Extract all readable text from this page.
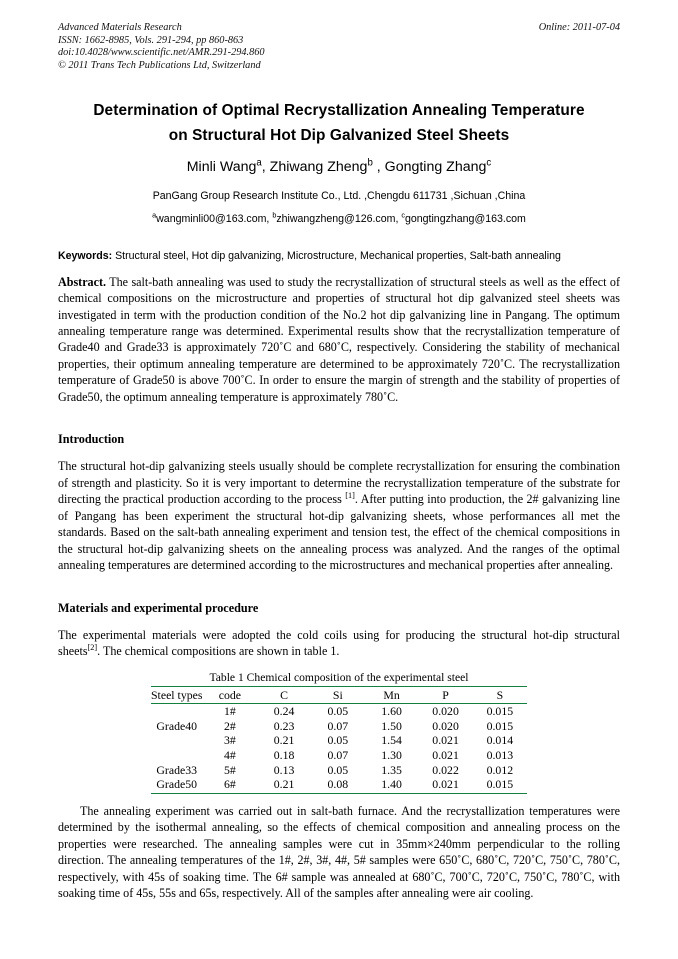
Advanced Materials Research
ISSN: 1662-8985, Vols. 291-294, pp 860-863
doi:10.4028/www.scientific.net/AMR.291-294.860
© 2011 Trans Tech Publications Ltd, Switzerland
Online: 2011-07-04
Determination of Optimal Recrystallization Annealing Temperature
on Structural Hot Dip Galvanized Steel Sheets
Minli Wang$^a$, Zhiwang Zheng$^b$ , Gongting Zhang$^c$
PanGang Group Research Institute Co., Ltd. ,Chengdu 611731 ,Sichuan ,China
$^a$wangminli00@163.com, $^b$zhiwangzheng@126.com, $^c$gongtingzhang@163.com
Keywords: Structural steel, Hot dip galvanizing, Microstructure, Mechanical properties, Salt-bath annealing
Abstract. The salt-bath annealing was used to study the recrystallization of structural steels as well as the effect of chemical compositions on the microstructure and properties of structural hot dip galvanized steel sheets was investigated in term with the production condition of the No.2 hot dip galvanizing line in Pangang. The optimum annealing temperature range was determined. Experimental results show that the recrystallization temperature of Grade40 and Grade33 is approximately 720˚C and 680˚C, respectively. Considering the stability of mechanical properties, their optimum annealing temperature are determined to be approximately 720˚C. The recrystallization temperature of Grade50 is above 700˚C. In order to ensure the margin of strength and the stability of properties of Grade50, the optimum annealing temperature is approximately 780˚C.
Introduction
The structural hot-dip galvanizing steels usually should be complete recrystallization for ensuring the combination of strength and plasticity. So it is very important to determine the recrystallization temperature of the substrate for directing the practical production according to the process [1]. After putting into production, the 2# galvanizing line of Pangang has been experiment the structural hot-dip galvanizing sheets, whose performances all met the standards. Based on the salt-bath annealing experiment and tension test, the effect of the chemical compositions in the structural hot-dip galvanizing sheets on the annealing process was analyzed. And the ranges of the optimal annealing temperatures are determined according to the microstructures and mechanical properties after annealing.
Materials and experimental procedure
The experimental materials were adopted the cold coils using for producing the structural hot-dip structural sheets[2]. The chemical compositions are shown in table 1.
Table 1 Chemical composition of the experimental steel
Steel types	code	C	Si	Mn	P	S
	1#	0.24	0.05	1.60	0.020	0.015
Grade40	2#	0.23	0.07	1.50	0.020	0.015
	3#	0.21	0.05	1.54	0.021	0.014
	4#	0.18	0.07	1.30	0.021	0.013
Grade33	5#	0.13	0.05	1.35	0.022	0.012
Grade50	6#	0.21	0.08	1.40	0.021	0.015
The annealing experiment was carried out in salt-bath furnace. And the recrystallization temperatures were determined by the isothermal annealing, so the effects of chemical composition and annealing process on the properties were researched. The annealing samples were cut in 35mm×240mm perpendicular to the rolling direction. The annealing temperatures of the 1#, 2#, 3#, 4#, 5# samples were 650˚C, 680˚C, 720˚C, 750˚C, 780˚C, respectively, with 45s of soaking time. The 6# sample was annealed at 680˚C, 700˚C, 720˚C, 750˚C, 780˚C, with soaking time of 45s, 55s and 65s, respectively. All of the samples after annealing were air cooling.
